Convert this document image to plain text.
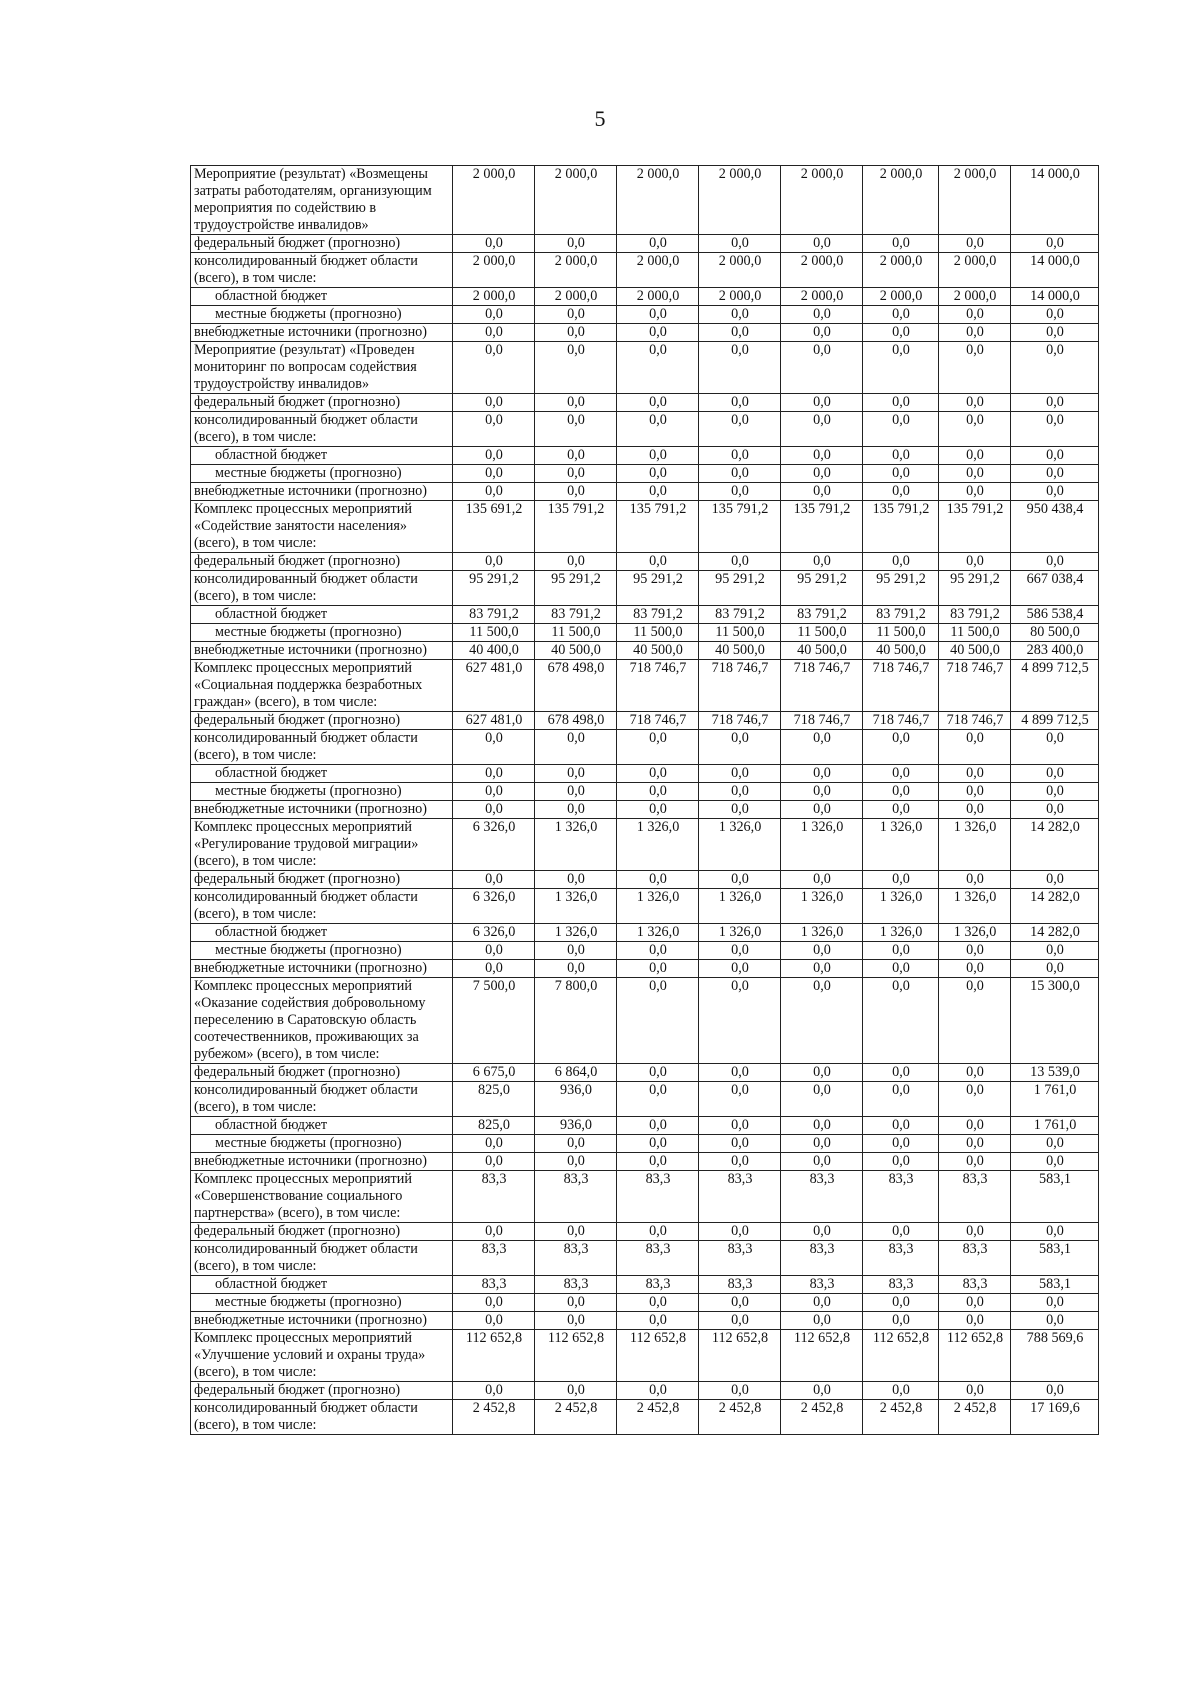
5
Мероприятие (результат) «Возмещены затраты работодателям, организующим мероприятия по содействию в трудоустройстве инвалидов»	2 000,0	2 000,0	2 000,0	2 000,0	2 000,0	2 000,0	2 000,0	14 000,0
федеральный бюджет (прогнозно)	0,0	0,0	0,0	0,0	0,0	0,0	0,0	0,0
консолидированный бюджет области (всего), в том числе:	2 000,0	2 000,0	2 000,0	2 000,0	2 000,0	2 000,0	2 000,0	14 000,0
областной бюджет	2 000,0	2 000,0	2 000,0	2 000,0	2 000,0	2 000,0	2 000,0	14 000,0
местные бюджеты (прогнозно)	0,0	0,0	0,0	0,0	0,0	0,0	0,0	0,0
внебюджетные источники (прогнозно)	0,0	0,0	0,0	0,0	0,0	0,0	0,0	0,0
Мероприятие (результат) «Проведен мониторинг по вопросам содействия трудоустройству инвалидов»	0,0	0,0	0,0	0,0	0,0	0,0	0,0	0,0
федеральный бюджет (прогнозно)	0,0	0,0	0,0	0,0	0,0	0,0	0,0	0,0
консолидированный бюджет области (всего), в том числе:	0,0	0,0	0,0	0,0	0,0	0,0	0,0	0,0
областной бюджет	0,0	0,0	0,0	0,0	0,0	0,0	0,0	0,0
местные бюджеты (прогнозно)	0,0	0,0	0,0	0,0	0,0	0,0	0,0	0,0
внебюджетные источники (прогнозно)	0,0	0,0	0,0	0,0	0,0	0,0	0,0	0,0
Комплекс процессных мероприятий «Содействие занятости населения» (всего), в том числе:	135 691,2	135 791,2	135 791,2	135 791,2	135 791,2	135 791,2	135 791,2	950 438,4
федеральный бюджет (прогнозно)	0,0	0,0	0,0	0,0	0,0	0,0	0,0	0,0
консолидированный бюджет области (всего), в том числе:	95 291,2	95 291,2	95 291,2	95 291,2	95 291,2	95 291,2	95 291,2	667 038,4
областной бюджет	83 791,2	83 791,2	83 791,2	83 791,2	83 791,2	83 791,2	83 791,2	586 538,4
местные бюджеты (прогнозно)	11 500,0	11 500,0	11 500,0	11 500,0	11 500,0	11 500,0	11 500,0	80 500,0
внебюджетные источники (прогнозно)	40 400,0	40 500,0	40 500,0	40 500,0	40 500,0	40 500,0	40 500,0	283 400,0
Комплекс процессных мероприятий «Социальная поддержка безработных граждан» (всего), в том числе:	627 481,0	678 498,0	718 746,7	718 746,7	718 746,7	718 746,7	718 746,7	4 899 712,5
федеральный бюджет (прогнозно)	627 481,0	678 498,0	718 746,7	718 746,7	718 746,7	718 746,7	718 746,7	4 899 712,5
консолидированный бюджет области (всего), в том числе:	0,0	0,0	0,0	0,0	0,0	0,0	0,0	0,0
областной бюджет	0,0	0,0	0,0	0,0	0,0	0,0	0,0	0,0
местные бюджеты (прогнозно)	0,0	0,0	0,0	0,0	0,0	0,0	0,0	0,0
внебюджетные источники (прогнозно)	0,0	0,0	0,0	0,0	0,0	0,0	0,0	0,0
Комплекс процессных мероприятий «Регулирование трудовой миграции» (всего), в том числе:	6 326,0	1 326,0	1 326,0	1 326,0	1 326,0	1 326,0	1 326,0	14 282,0
федеральный бюджет (прогнозно)	0,0	0,0	0,0	0,0	0,0	0,0	0,0	0,0
консолидированный бюджет области (всего), в том числе:	6 326,0	1 326,0	1 326,0	1 326,0	1 326,0	1 326,0	1 326,0	14 282,0
областной бюджет	6 326,0	1 326,0	1 326,0	1 326,0	1 326,0	1 326,0	1 326,0	14 282,0
местные бюджеты (прогнозно)	0,0	0,0	0,0	0,0	0,0	0,0	0,0	0,0
внебюджетные источники (прогнозно)	0,0	0,0	0,0	0,0	0,0	0,0	0,0	0,0
Комплекс процессных мероприятий «Оказание содействия добровольному переселению в Саратовскую область соотечественников, проживающих за рубежом» (всего), в том числе:	7 500,0	7 800,0	0,0	0,0	0,0	0,0	0,0	15 300,0
федеральный бюджет (прогнозно)	6 675,0	6 864,0	0,0	0,0	0,0	0,0	0,0	13 539,0
консолидированный бюджет области (всего), в том числе:	825,0	936,0	0,0	0,0	0,0	0,0	0,0	1 761,0
областной бюджет	825,0	936,0	0,0	0,0	0,0	0,0	0,0	1 761,0
местные бюджеты (прогнозно)	0,0	0,0	0,0	0,0	0,0	0,0	0,0	0,0
внебюджетные источники (прогнозно)	0,0	0,0	0,0	0,0	0,0	0,0	0,0	0,0
Комплекс процессных мероприятий «Совершенствование социального партнерства» (всего), в том числе:	83,3	83,3	83,3	83,3	83,3	83,3	83,3	583,1
федеральный бюджет (прогнозно)	0,0	0,0	0,0	0,0	0,0	0,0	0,0	0,0
консолидированный бюджет области (всего), в том числе:	83,3	83,3	83,3	83,3	83,3	83,3	83,3	583,1
областной бюджет	83,3	83,3	83,3	83,3	83,3	83,3	83,3	583,1
местные бюджеты (прогнозно)	0,0	0,0	0,0	0,0	0,0	0,0	0,0	0,0
внебюджетные источники (прогнозно)	0,0	0,0	0,0	0,0	0,0	0,0	0,0	0,0
Комплекс процессных мероприятий «Улучшение условий и охраны труда» (всего), в том числе:	112 652,8	112 652,8	112 652,8	112 652,8	112 652,8	112 652,8	112 652,8	788 569,6
федеральный бюджет (прогнозно)	0,0	0,0	0,0	0,0	0,0	0,0	0,0	0,0
консолидированный бюджет области (всего), в том числе:	2 452,8	2 452,8	2 452,8	2 452,8	2 452,8	2 452,8	2 452,8	17 169,6
